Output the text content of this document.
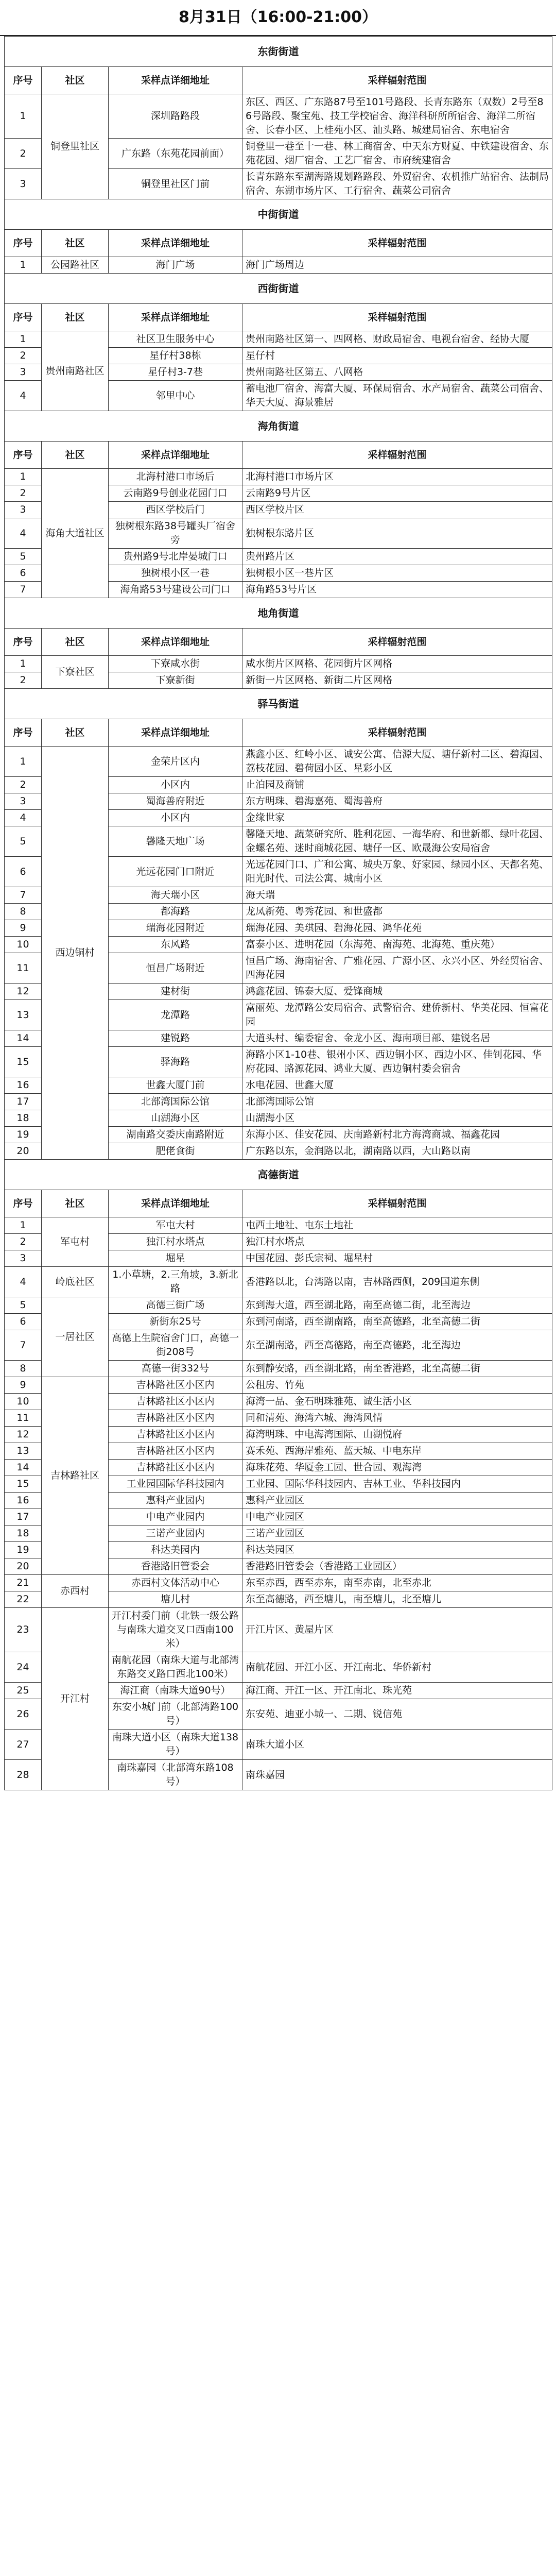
8月31日（16:00-21:00）
东街街道			
序号	社区	采样点详细地址	采样辐射范围
1	铜登里社区	深圳路路段	东区、西区、广东路87号至101号路段、长青东路东（双数）2号至86号路段、聚宝苑、技工学校宿舍、海洋科研所所宿舍、海洋二所宿舍、长春小区、上桂苑小区、汕头路、城建局宿舍、东电宿舍
2		广东路（东苑花园前面）	铜登里一巷至十一巷、林工商宿舍、中天东方财夏、中铁建设宿舍、东苑花园、烟厂宿舍、工艺厂宿舍、市府统建宿舍
3		铜登里社区门前	长青东路东至湖海路规划路路段、外贸宿舍、农机推广站宿舍、法制局宿舍、东湖市场片区、工行宿舍、蔬菜公司宿舍
中街街道			
序号	社区	采样点详细地址	采样辐射范围
1	公园路社区	海门广场	海门广场周边
西街街道			
序号	社区	采样点详细地址	采样辐射范围
1	贵州南路社区	社区卫生服务中心	贵州南路社区第一、四网格、财政局宿舍、电视台宿舍、经协大厦
2		星仔村38栋	星仔村
3		星仔村3-7巷	贵州南路社区第五、八网格
4		邻里中心	蓄电池厂宿舍、海富大厦、环保局宿舍、水产局宿舍、蔬菜公司宿舍、华天大厦、海景雅居
海角街道			
序号	社区	采样点详细地址	采样辐射范围
1	海角大道社区	北海村港口市场后	北海村港口市场片区
2		云南路9号创业花园门口	云南路9号片区
3		西区学校后门	西区学校片区
4		独树根东路38号罐头厂宿舍旁	独树根东路片区
5		贵州路9号北岸晏城门口	贵州路片区
6		独树根小区一巷	独树根小区一巷片区
7		海角路53号建设公司门口	海角路53号片区
地角街道			
序号	社区	采样点详细地址	采样辐射范围
1	下寮社区	下寮咸水街	咸水街片区网格、花园街片区网格
2		下寮新街	新街一片区网格、新街二片区网格
驿马街道			
序号	社区	采样点详细地址	采样辐射范围
1	西边铜村	金荣片区内	燕鑫小区、红岭小区、诚安公寓、信源大厦、塘仔新村二区、碧海园、荔枝花园、碧荷园小区、星彩小区
2		小区内	止泊园及商铺
3		蜀海善府附近	东方明珠、碧海嘉苑、蜀海善府
4		小区内	金缘世家
5		馨隆天地广场	馨隆天地、蔬菜研究所、胜利花园、一海华府、和世新都、绿叶花园、金螺名苑、迷时商城花园、塘仔一区、欧晟海公安局宿舍
6		光远花园门口附近	光远花园门口、广和公寓、城央万象、好家园、绿园小区、天都名苑、阳光时代、司法公寓、城南小区
7		海天瑞小区	海天瑞
8		都海路	龙凤新苑、粤秀花园、和世盛都
9		瑞海花园附近	瑞海花园、美琪园、碧海花园、鸿华花苑
10		东风路	富泰小区、进明花园（东海苑、南海苑、北海苑、重庆苑）
11		恒昌广场附近	恒昌广场、海南宿舍、广雅花园、广源小区、永兴小区、外经贸宿舍、四海花园
12		建材街	鸿鑫花园、锦泰大厦、爱锋商城
13		龙潭路	富丽苑、龙潭路公安局宿舍、武警宿舍、建侨新村、华美花园、恒富花园
14		建锐路	大道头村、编委宿舍、金龙小区、海南项目部、建锐名居
15		驿海路	海路小区1-10巷、银州小区、西边铜小区、西边小区、佳钊花园、华府花园、路源花园、鸿业大厦、西边铜村委会宿舍
16		世鑫大厦门前	水电花园、世鑫大厦
17		北部湾国际公馆	北部湾国际公馆
18		山湖海小区	山湖海小区
19		湖南路交委庆南路附近	东海小区、佳安花园、庆南路新村北方海湾商城、福鑫花园
20		肥佬食街	广东路以东，金润路以北，湖南路以西，大山路以南
高德街道			
序号	社区	采样点详细地址	采样辐射范围
1	军屯村	军屯大村	屯西土地社、屯东土地社
2		独江村水塔点	独江村水塔点
3		堀星	中国花园、彭氏宗祠、堀星村
4	岭底社区	1.小草塘，2.三角坡，3.新北路	香港路以北，台湾路以南，吉林路西侧，209国道东侧
5	一居社区	高德三街广场	东到海大道，西至湖北路，南至高德二街，北至海边
6		新街东25号	东到河南路，西至湖南路，南至高德路，北至高德二街
7		高德上生院宿舍门口，高德一街208号	东至湖南路，西至高德路，南至高德路，北至海边
8		高德一街332号	东到静安路，西至湖北路，南至香港路，北至高德二街
9	吉林路社区	吉林路社区小区内	公租房、竹苑
10		吉林路社区小区内	海湾一品、金石明珠雅苑、诚生活小区
11		吉林路社区小区内	同和清苑、海湾六城、海湾风情
12		吉林路社区小区内	海湾明珠、中电海湾国际、山湖悦府
13		吉林路社区小区内	赛禾苑、西海岸雅苑、蓝天城、中电东岸
14		吉林路社区小区内	海珠花苑、华厦金工园、世合园、观海湾
15		工业园国际华科技园内	工业园、国际华科技园内、吉林工业、华科技园内
16		惠科产业园内	惠科产业园区
17		中电产业园内	中电产业园区
18		三诺产业园内	三诺产业园区
19		科达美园内	科达美园区
20		香港路旧管委会	香港路旧管委会（香港路工业园区）
21	赤西村	赤西村文体活动中心	东至赤西，西至赤东，南至赤南，北至赤北
22		塘儿村	东至高德路，西至塘儿，南至塘儿，北至塘儿
23	开江村	开江村委门前（北铁一级公路与南珠大道交叉口西南100米）	开江片区、黄屋片区
24		南航花园（南珠大道与北部湾东路交叉路口西北100米）	南航花园、开江小区、开江南北、华侨新村
25		海江商（南珠大道90号）	海江商、开江一区、开江南北、珠光苑
26		东安小城门前（北部湾路100号）	东安苑、迪亚小城一、二期、锐信苑
27		南珠大道小区（南珠大道138号）	南珠大道小区
28		南珠嘉园（北部湾东路108号）	南珠嘉园
